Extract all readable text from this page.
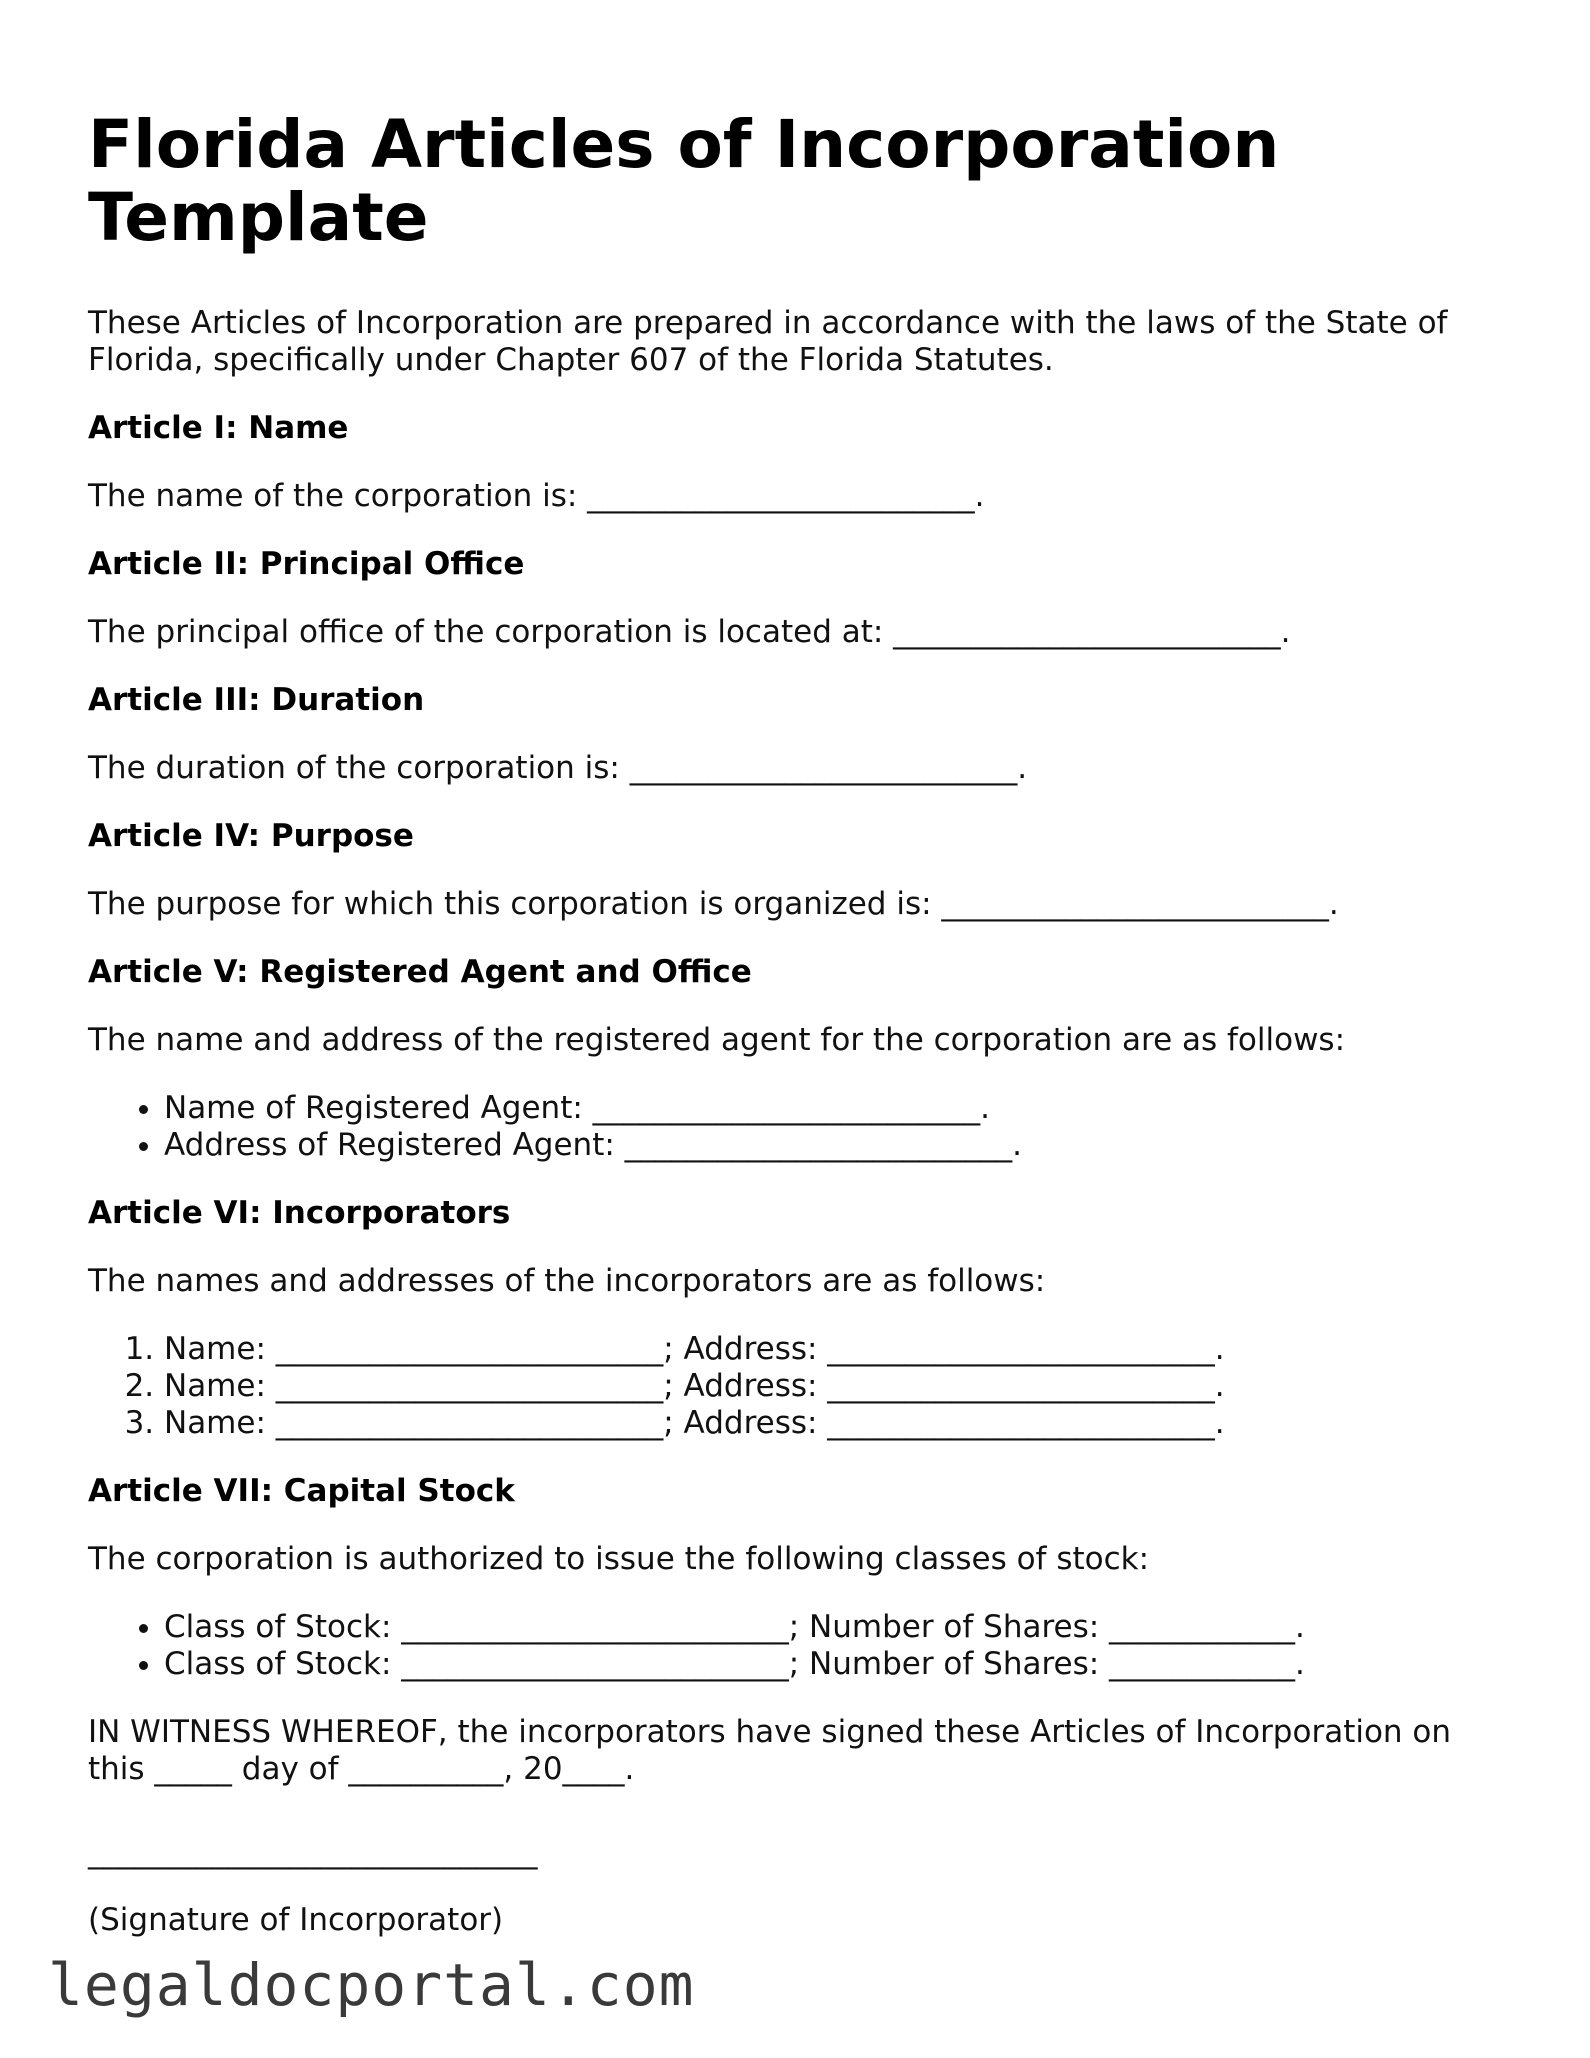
Florida Articles of Incorporation Template

These Articles of Incorporation are prepared in accordance with the laws of the State of Florida, specifically under Chapter 607 of the Florida Statutes.

Article I: Name

The name of the corporation is: _________________________.

Article II: Principal Office

The principal office of the corporation is located at: _________________________.

Article III: Duration

The duration of the corporation is: _________________________.

Article IV: Purpose

The purpose for which this corporation is organized is: _________________________.

Article V: Registered Agent and Office

The name and address of the registered agent for the corporation are as follows:

• Name of Registered Agent: _________________________.
• Address of Registered Agent: _________________________.
Article VI: Incorporators

The names and addresses of the incorporators are as follows:

1. Name: _________________________; Address: _________________________.
2. Name: _________________________; Address: _________________________.
3. Name: _________________________; Address: _________________________.
Article VII: Capital Stock

The corporation is authorized to issue the following classes of stock:

• Class of Stock: _________________________; Number of Shares: ____________.
• Class of Stock: _________________________; Number of Shares: ____________.

IN WITNESS WHEREOF, the incorporators have signed these Articles of Incorporation on this _____ day of __________, 20____.

_____________________________

(Signature of Incorporator)

legaldocportal.com
